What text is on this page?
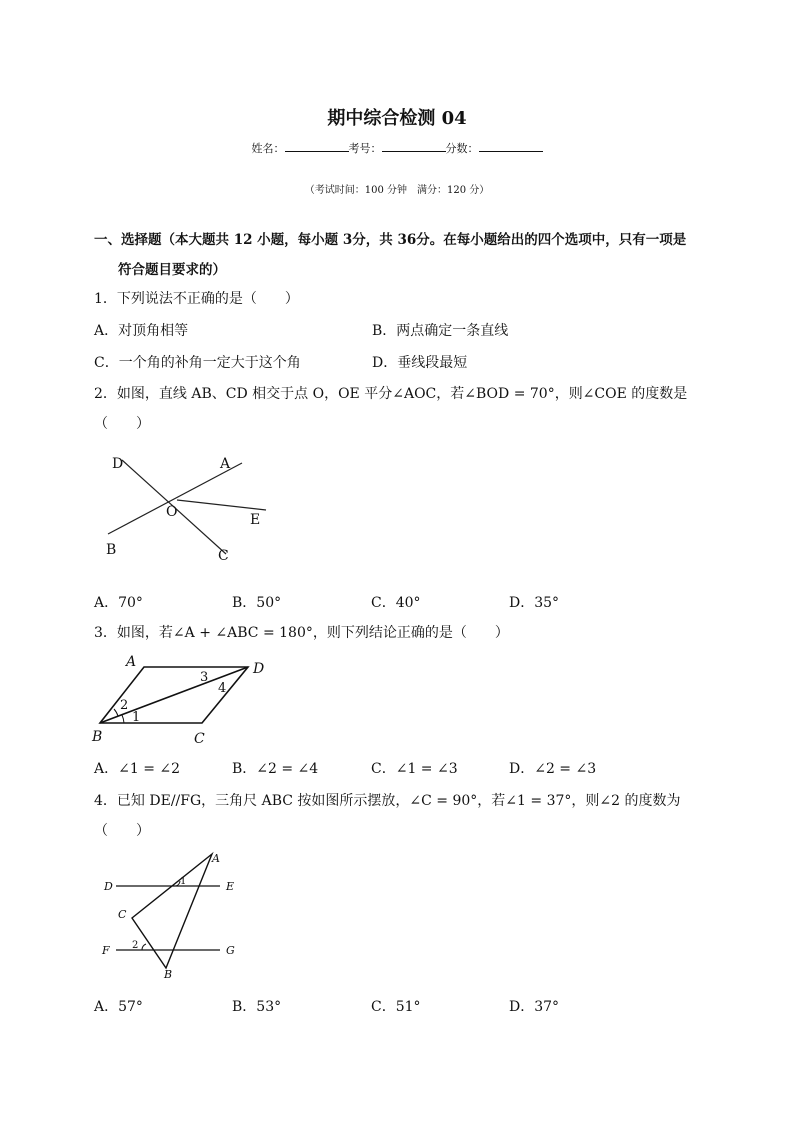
期中综合检测 04
姓名：	考号：	分数：
（考试时间：100 分钟　满分：120 分）
一、选择题（本大题共 12 小题，每小题 3分，共 36分。在每小题给出的四个选项中，只有一项是
符合题目要求的）
1．下列说法不正确的是（　　）
A．对顶角相等	B．两点确定一条直线
C．一个角的补角一定大于这个角	D．垂线段最短
2．如图，直线 AB、CD 相交于点 O，OE 平分∠AOC，若∠BOD = 70°，则∠COE 的度数是
（　　）
D	A
O	E
B	C
A．70°	B．50°	C．40°	D．35°
3．如图，若∠A + ∠ABC = 180°，则下列结论正确的是（　　）
A	D
B	C
1
2
3
4
A．∠1 = ∠2	B．∠2 = ∠4	C．∠1 = ∠3	D．∠2 = ∠3
4．已知 DE//FG，三角尺 ABC 按如图所示摆放，∠C = 90°，若∠1 = 37°，则∠2 的度数为
（　　）
A
D	E
1
C
F 2	G
B
A．57°	B．53°	C．51°	D．37°
